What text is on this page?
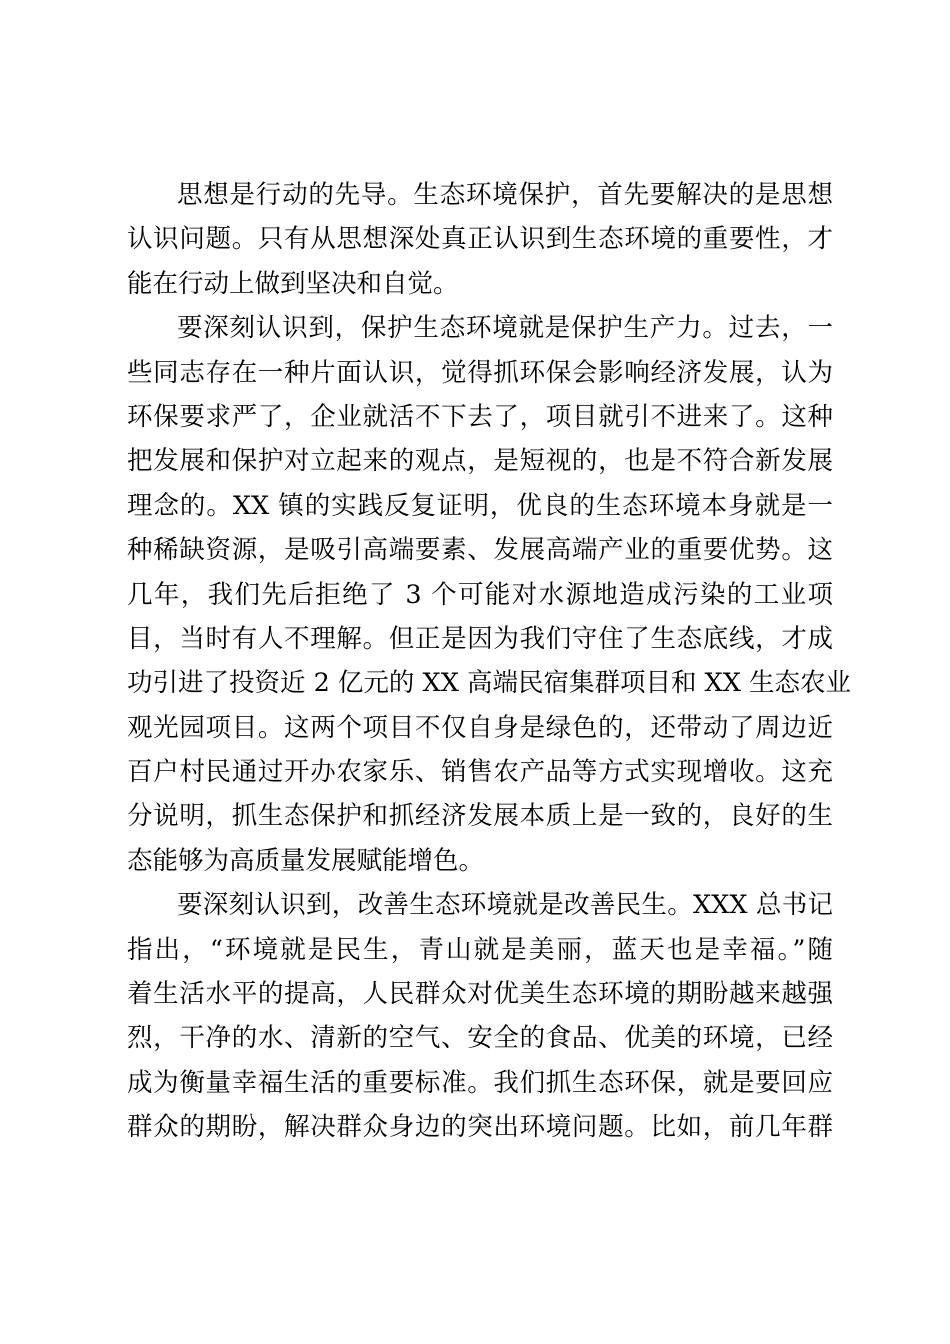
思想是行动的先导。生态环境保护，首先要解决的是思想
认识问题。只有从思想深处真正认识到生态环境的重要性，才
能在行动上做到坚决和自觉。
要深刻认识到，保护生态环境就是保护生产力。过去，一
些同志存在一种片面认识，觉得抓环保会影响经济发展，认为
环保要求严了，企业就活不下去了，项目就引不进来了。这种
把发展和保护对立起来的观点，是短视的，也是不符合新发展
理念的。XX 镇的实践反复证明，优良的生态环境本身就是一
种稀缺资源，是吸引高端要素、发展高端产业的重要优势。这
几年，我们先后拒绝了 3 个可能对水源地造成污染的工业项
目，当时有人不理解。但正是因为我们守住了生态底线，才成
功引进了投资近 2 亿元的 XX 高端民宿集群项目和 XX 生态农业
观光园项目。这两个项目不仅自身是绿色的，还带动了周边近
百户村民通过开办农家乐、销售农产品等方式实现增收。这充
分说明，抓生态保护和抓经济发展本质上是一致的，良好的生
态能够为高质量发展赋能增色。
要深刻认识到，改善生态环境就是改善民生。XXX 总书记
指出，“环境就是民生，青山就是美丽，蓝天也是幸福。”随
着生活水平的提高，人民群众对优美生态环境的期盼越来越强
烈，干净的水、清新的空气、安全的食品、优美的环境，已经
成为衡量幸福生活的重要标准。我们抓生态环保，就是要回应
群众的期盼，解决群众身边的突出环境问题。比如，前几年群
